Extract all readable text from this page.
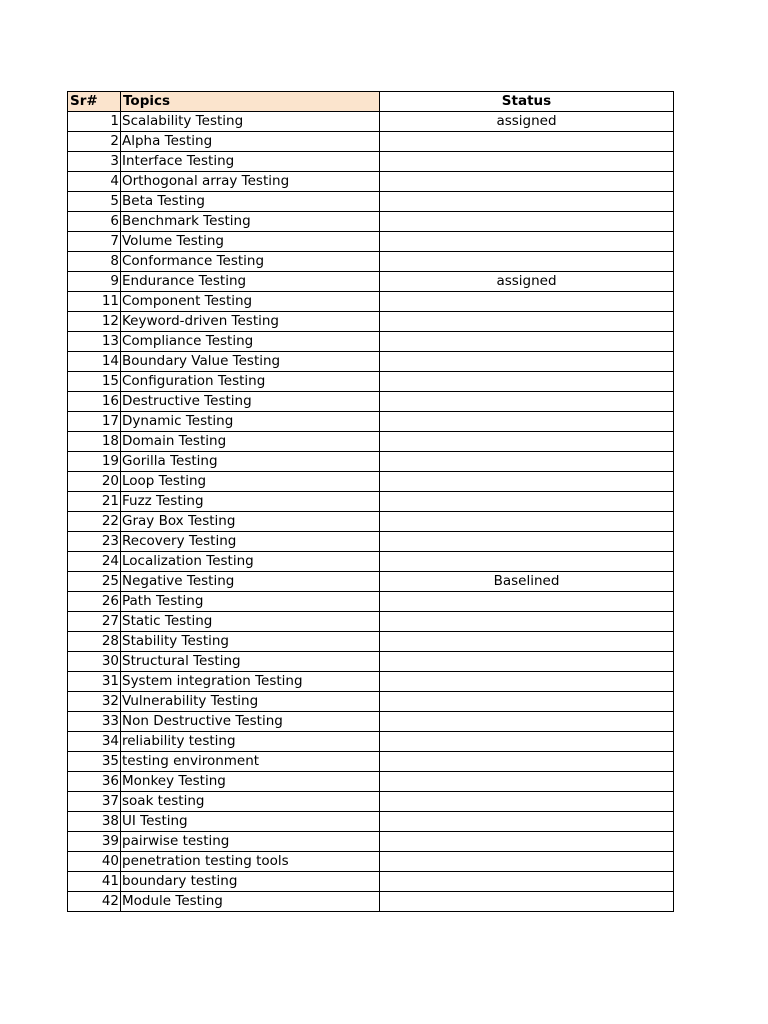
Sr#	Topics	Status
1	Scalability Testing	assigned
2	Alpha Testing	
3	Interface Testing	
4	Orthogonal array Testing	
5	Beta Testing	
6	Benchmark Testing	
7	Volume Testing	
8	Conformance Testing	
9	Endurance Testing	assigned
11	Component Testing	
12	Keyword-driven Testing	
13	Compliance Testing	
14	Boundary Value Testing	
15	Configuration Testing	
16	Destructive Testing	
17	Dynamic Testing	
18	Domain Testing	
19	Gorilla Testing	
20	Loop Testing	
21	Fuzz Testing	
22	Gray Box Testing	
23	Recovery Testing	
24	Localization Testing	
25	Negative Testing	Baselined
26	Path Testing	
27	Static Testing	
28	Stability Testing	
30	Structural Testing	
31	System integration Testing	
32	Vulnerability Testing	
33	Non Destructive Testing	
34	reliability testing	
35	testing environment	
36	Monkey Testing	
37	soak testing	
38	UI Testing	
39	pairwise testing	
40	penetration testing tools	
41	boundary testing	
42	Module Testing	
